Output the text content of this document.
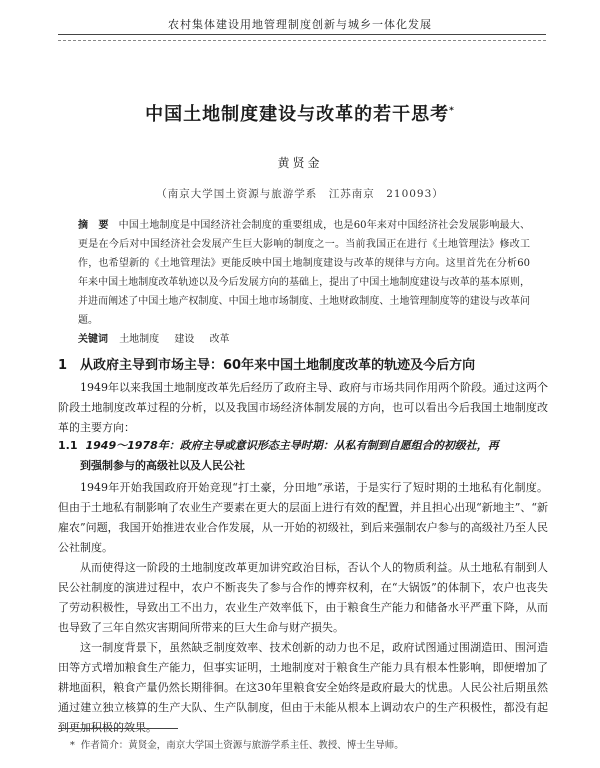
农村集体建设用地管理制度创新与城乡一体化发展
中国土地制度建设与改革的若干思考*
黄贤金
（南京大学国土资源与旅游学系　江苏南京　210093）
摘　要 中国土地制度是中国经济社会制度的重要组成，也是60年来对中国经济社会发展影响最大、更是在今后对中国经济社会发展产生巨大影响的制度之一。当前我国正在进行《土地管理法》修改工作，也希望新的《土地管理法》更能反映中国土地制度建设与改革的规律与方向。这里首先在分析60年来中国土地制度改革轨迹以及今后发展方向的基础上，提出了中国土地制度建设与改革的基本原则，并进而阐述了中国土地产权制度、中国土地市场制度、土地财政制度、土地管理制度等的建设与改革问题。
关键词 土地制度 建设 改革
1 从政府主导到市场主导：60年来中国土地制度改革的轨迹及今后方向
1949年以来我国土地制度改革先后经历了政府主导、政府与市场共同作用两个阶段。通过这两个阶段土地制度改革过程的分析，以及我国市场经济体制发展的方向，也可以看出今后我国土地制度改革的主要方向：
1.1 1949～1978年：政府主导或意识形态主导时期：从私有制到自愿组合的初级社，再
到强制参与的高级社以及人民公社
1949年开始我国政府开始竞现“打土豪，分田地”承诺，于是实行了短时期的土地私有化制度。但由于土地私有制影响了农业生产要素在更大的层面上进行有效的配置，并且担心出现“新地主”、“新雇农”问题，我国开始推进农业合作发展，从一开始的初级社，到后来强制农户参与的高级社乃至人民公社制度。
从而使得这一阶段的土地制度改革更加讲究政治目标，否认个人的物质利益。从土地私有制到人民公社制度的演进过程中，农户不断丧失了参与合作的博弈权利，在“大锅饭”的体制下，农户也丧失了劳动积极性，导致出工不出力，农业生产效率低下，由于粮食生产能力和储备水平严重下降，从而也导致了三年自然灾害期间所带来的巨大生命与财产损失。
这一制度背景下，虽然缺乏制度效率、技术创新的动力也不足，政府试图通过围湖造田、围河造田等方式增加粮食生产能力，但事实证明，土地制度对于粮食生产能力具有根本性影响，即便增加了耕地面积，粮食产量仍然长期徘徊。在这30年里粮食安全始终是政府最大的忧患。人民公社后期虽然通过建立独立核算的生产大队、生产队制度，但由于未能从根本上调动农户的生产积极性，都没有起到更加积极的效果。
* 作者简介：黄贤金，南京大学国土资源与旅游学系主任、教授、博士生导师。
